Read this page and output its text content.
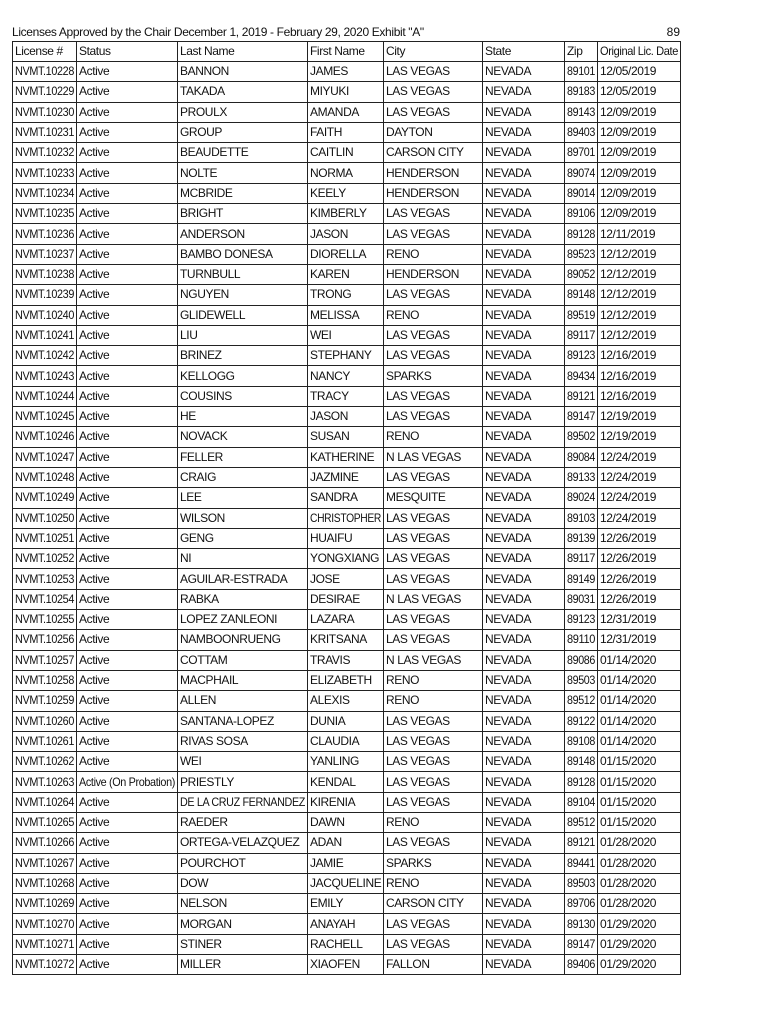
Licenses Approved by the Chair December 1, 2019 - February 29, 2020 Exhibit "A"	89
License #	Status	Last Name	First Name	City	State	Zip	Original Lic. Date
NVMT.10228	Active	BANNON	JAMES	LAS VEGAS	NEVADA	89101	12/05/2019
NVMT.10229	Active	TAKADA	MIYUKI	LAS VEGAS	NEVADA	89183	12/05/2019
NVMT.10230	Active	PROULX	AMANDA	LAS VEGAS	NEVADA	89143	12/09/2019
NVMT.10231	Active	GROUP	FAITH	DAYTON	NEVADA	89403	12/09/2019
NVMT.10232	Active	BEAUDETTE	CAITLIN	CARSON CITY	NEVADA	89701	12/09/2019
NVMT.10233	Active	NOLTE	NORMA	HENDERSON	NEVADA	89074	12/09/2019
NVMT.10234	Active	MCBRIDE	KEELY	HENDERSON	NEVADA	89014	12/09/2019
NVMT.10235	Active	BRIGHT	KIMBERLY	LAS VEGAS	NEVADA	89106	12/09/2019
NVMT.10236	Active	ANDERSON	JASON	LAS VEGAS	NEVADA	89128	12/11/2019
NVMT.10237	Active	BAMBO DONESA	DIORELLA	RENO	NEVADA	89523	12/12/2019
NVMT.10238	Active	TURNBULL	KAREN	HENDERSON	NEVADA	89052	12/12/2019
NVMT.10239	Active	NGUYEN	TRONG	LAS VEGAS	NEVADA	89148	12/12/2019
NVMT.10240	Active	GLIDEWELL	MELISSA	RENO	NEVADA	89519	12/12/2019
NVMT.10241	Active	LIU	WEI	LAS VEGAS	NEVADA	89117	12/12/2019
NVMT.10242	Active	BRINEZ	STEPHANY	LAS VEGAS	NEVADA	89123	12/16/2019
NVMT.10243	Active	KELLOGG	NANCY	SPARKS	NEVADA	89434	12/16/2019
NVMT.10244	Active	COUSINS	TRACY	LAS VEGAS	NEVADA	89121	12/16/2019
NVMT.10245	Active	HE	JASON	LAS VEGAS	NEVADA	89147	12/19/2019
NVMT.10246	Active	NOVACK	SUSAN	RENO	NEVADA	89502	12/19/2019
NVMT.10247	Active	FELLER	KATHERINE	N LAS VEGAS	NEVADA	89084	12/24/2019
NVMT.10248	Active	CRAIG	JAZMINE	LAS VEGAS	NEVADA	89133	12/24/2019
NVMT.10249	Active	LEE	SANDRA	MESQUITE	NEVADA	89024	12/24/2019
NVMT.10250	Active	WILSON	CHRISTOPHER	LAS VEGAS	NEVADA	89103	12/24/2019
NVMT.10251	Active	GENG	HUAIFU	LAS VEGAS	NEVADA	89139	12/26/2019
NVMT.10252	Active	NI	YONGXIANG	LAS VEGAS	NEVADA	89117	12/26/2019
NVMT.10253	Active	AGUILAR-ESTRADA	JOSE	LAS VEGAS	NEVADA	89149	12/26/2019
NVMT.10254	Active	RABKA	DESIRAE	N LAS VEGAS	NEVADA	89031	12/26/2019
NVMT.10255	Active	LOPEZ ZANLEONI	LAZARA	LAS VEGAS	NEVADA	89123	12/31/2019
NVMT.10256	Active	NAMBOONRUENG	KRITSANA	LAS VEGAS	NEVADA	89110	12/31/2019
NVMT.10257	Active	COTTAM	TRAVIS	N LAS VEGAS	NEVADA	89086	01/14/2020
NVMT.10258	Active	MACPHAIL	ELIZABETH	RENO	NEVADA	89503	01/14/2020
NVMT.10259	Active	ALLEN	ALEXIS	RENO	NEVADA	89512	01/14/2020
NVMT.10260	Active	SANTANA-LOPEZ	DUNIA	LAS VEGAS	NEVADA	89122	01/14/2020
NVMT.10261	Active	RIVAS SOSA	CLAUDIA	LAS VEGAS	NEVADA	89108	01/14/2020
NVMT.10262	Active	WEI	YANLING	LAS VEGAS	NEVADA	89148	01/15/2020
NVMT.10263	Active (On Probation)	PRIESTLY	KENDAL	LAS VEGAS	NEVADA	89128	01/15/2020
NVMT.10264	Active	DE LA CRUZ FERNANDEZ	KIRENIA	LAS VEGAS	NEVADA	89104	01/15/2020
NVMT.10265	Active	RAEDER	DAWN	RENO	NEVADA	89512	01/15/2020
NVMT.10266	Active	ORTEGA-VELAZQUEZ	ADAN	LAS VEGAS	NEVADA	89121	01/28/2020
NVMT.10267	Active	POURCHOT	JAMIE	SPARKS	NEVADA	89441	01/28/2020
NVMT.10268	Active	DOW	JACQUELINE	RENO	NEVADA	89503	01/28/2020
NVMT.10269	Active	NELSON	EMILY	CARSON CITY	NEVADA	89706	01/28/2020
NVMT.10270	Active	MORGAN	ANAYAH	LAS VEGAS	NEVADA	89130	01/29/2020
NVMT.10271	Active	STINER	RACHELL	LAS VEGAS	NEVADA	89147	01/29/2020
NVMT.10272	Active	MILLER	XIAOFEN	FALLON	NEVADA	89406	01/29/2020
